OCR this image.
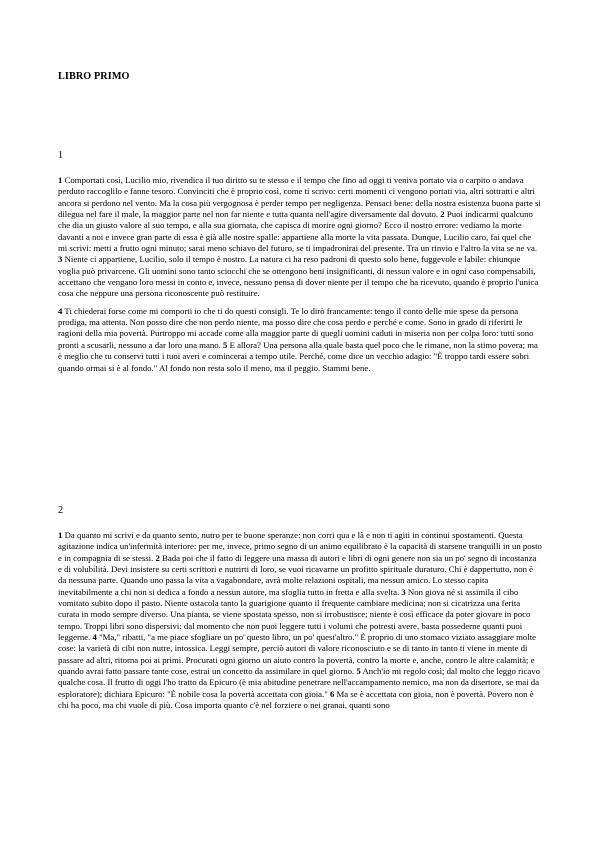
LIBRO PRIMO
1

1 Comportati così, Lucilio mio, rivendica il tuo diritto su te stesso e il tempo che fino ad oggi ti veniva portato via o carpito o andava perduto raccoglilo e fanne tesoro. Convinciti che è proprio così, come ti scrivo: certi momenti ci vengono portati via, altri sottratti e altri ancora si perdono nel vento. Ma la cosa più vergognosa è perder tempo per negligenza. Pensaci bene: della nostra esistenza buona parte si dilegua nel fare il male, la maggior parte nel non far niente e tutta quanta nell'agire diversamente dal dovuto. 2 Puoi indicarmi qualcuno che dia un giusto valore al suo tempo, e alla sua giornata, che capisca di morire ogni giorno? Ecco il nostro errore: vediamo la morte davanti a noi e invece gran parte di essa è già alle nostre spalle: appartiene alla morte la vita passata. Dunque, Lucilio caro, fai quel che mi scrivi: metti a frutto ogni minuto; sarai meno schiavo del futuro, se ti impadronirai del presente. Tra un rinvio e l'altro la vita se ne va. 3 Niente ci appartiene, Lucilio, solo il tempo è nostro. La natura ci ha reso padroni di questo solo bene, fuggevole e labile: chiunque voglia può privarcene. Gli uomini sono tanto sciocchi che se ottengono beni insignificanti, di nessun valore e in ogni caso compensabili, accettano che vengano loro messi in conto e, invece, nessuno pensa di dover niente per il tempo che ha ricevuto, quando è proprio l'unica cosa che neppure una persona riconoscente può restituire.

4 Ti chiederai forse come mi comporti io che ti do questi consigli. Te lo dirò francamente: tengo il conto delle mie spese da persona prodiga, ma attenta. Non posso dire che non perdo niente, ma posso dire che cosa perdo e perché e come. Sono in grado di riferirti le ragioni della mia povertà. Purtroppo mi accade come alla maggior parte di quegli uomini caduti in miseria non per colpa loro: tutti sono pronti a scusarli, nessuno a dar loro una mano. 5 E allora? Una persona alla quale basta quel poco che le rimane, non la stimo povera; ma è meglio che tu conservi tutti i tuoi averi e comincerai a tempo utile. Perché, come dice un vecchio adagio: "È troppo tardi essere sobri quando ormai si è al fondo." Al fondo non resta solo il meno, ma il peggio. Stammi bene.

2

1 Da quanto mi scrivi e da quanto sento, nutro per te buone speranze: non corri qua e là e non ti agiti in continui spostamenti. Questa agitazione indica un'infermità interiore: per me, invece, primo segno di un animo equilibrato è la capacità di starsene tranquilli in un posto e in compagnia di se stessi. 2 Bada poi che il fatto di leggere una massa di autori e libri di ogni genere non sia un po' segno di incostanza e di volubilità. Devi insistere su certi scrittori e nutrirti di loro, se vuoi ricavarne un profitto spirituale duraturo. Chi è dappertutto, non è da nessuna parte. Quando uno passa la vita a vagabondare, avrà molte relazioni ospitali, ma nessun amico. Lo stesso capita inevitabilmente a chi non si dedica a fondo a nessun autore, ma sfoglia tutto in fretta e alla svelta. 3 Non giova né si assimila il cibo vomitato subito dopo il pasto. Niente ostacola tanto la guarigione quanto il frequente cambiare medicina; non si cicatrizza una ferita curata in modo sempre diverso. Una pianta, se viene spostata spesso, non si irrobustisce; niente è così efficace da poter giovare in poco tempo. Troppi libri sono dispersivi: dal momento che non puoi leggere tutti i volumi che potresti avere, basta possederne quanti puoi leggerne. 4 "Ma," ribatti, "a me piace sfogliare un po' questo libro, un po' quest'altro." È proprio di uno stomaco viziato assaggiare molte cose: la varietà di cibi non nutre, intossica. Leggi sempre, perciò autori di valore riconosciuto e se di tanto in tanto ti viene in mente di passare ad altri, ritorna poi ai primi. Procurati ogni giorno un aiuto contro la povertà, contro la morte e, anche, contro le altre calamità; e quando avrai fatto passare tante cose, estrai un concetto da assimilare in quel giorno. 5 Anch'io mi regolo così; dal molto che leggo ricavo qualche cosa. Il frutto di oggi l'ho tratto da Epicuro (è mia abitudine penetrare nell'accampamento nemico, ma non da disertore, se mai da esploratore); dichiara Epicuro: "È nobile cosa la povertà accettata con gioia." 6 Ma se è accettata con gioia, non è povertà. Povero non è chi ha poco, ma chi vuole di più. Cosa importa quanto c'è nel forziere o nei granai, quanti sono
